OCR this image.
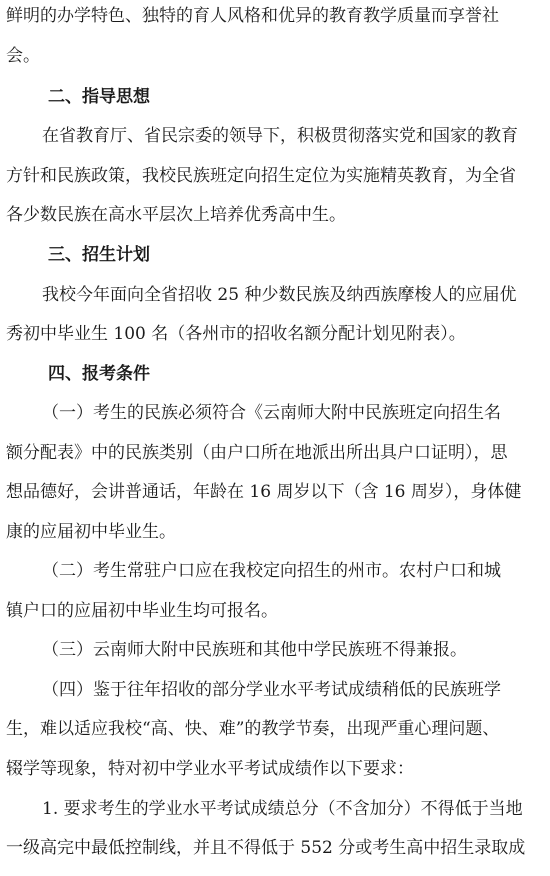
鲜明的办学特色、独特的育人风格和优异的教育教学质量而享誉社
会。
二、指导思想
在省教育厅、省民宗委的领导下，积极贯彻落实党和国家的教育
方针和民族政策，我校民族班定向招生定位为实施精英教育，为全省
各少数民族在高水平层次上培养优秀高中生。
三、招生计划
我校今年面向全省招收 25 种少数民族及纳西族摩梭人的应届优
秀初中毕业生 100 名（各州市的招收名额分配计划见附表）。
四、报考条件
（一）考生的民族必须符合《云南师大附中民族班定向招生名
额分配表》中的民族类别（由户口所在地派出所出具户口证明），思
想品德好，会讲普通话，年龄在 16 周岁以下（含 16 周岁），身体健
康的应届初中毕业生。
（二）考生常驻户口应在我校定向招生的州市。农村户口和城
镇户口的应届初中毕业生均可报名。
（三）云南师大附中民族班和其他中学民族班不得兼报。
（四）鉴于往年招收的部分学业水平考试成绩稍低的民族班学
生，难以适应我校“高、快、难”的教学节奏，出现严重心理问题、
辍学等现象，特对初中学业水平考试成绩作以下要求：
1. 要求考生的学业水平考试成绩总分（不含加分）不得低于当地
一级高完中最低控制线，并且不得低于 552 分或考生高中招生录取成
